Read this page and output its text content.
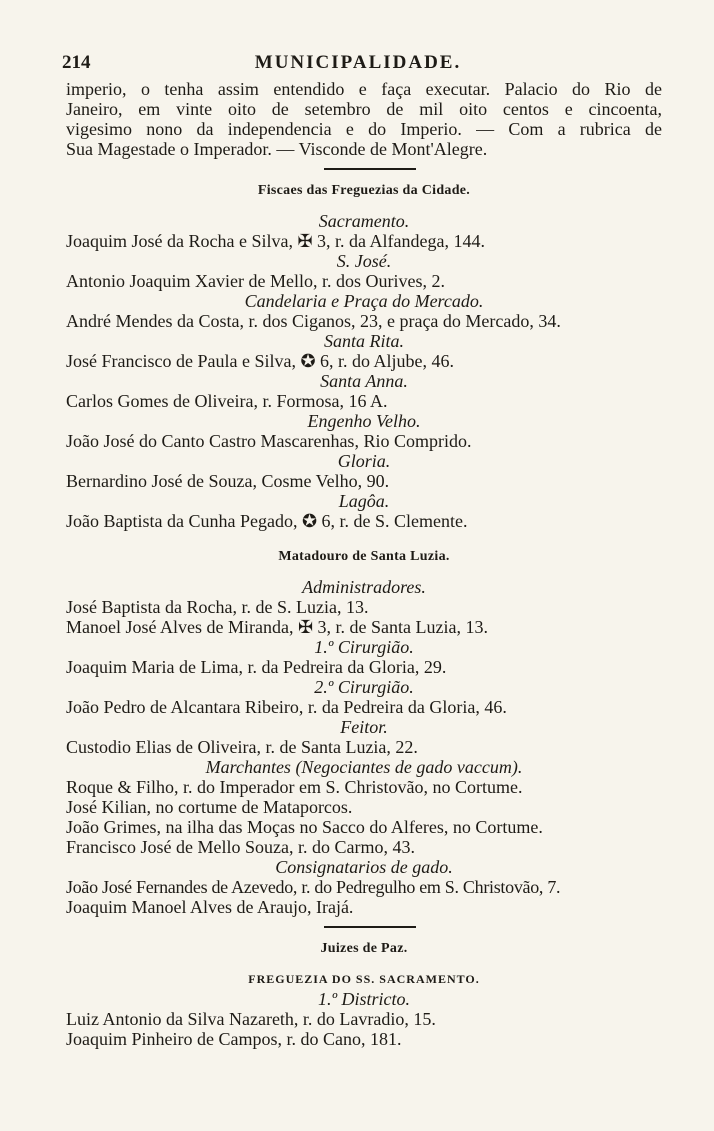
214	MUNICIPALIDADE.
imperio, o tenha assim entendido e faça executar. Palacio do Rio de
Janeiro, em vinte oito de setembro de mil oito centos e cincoenta,
vigesimo nono da independencia e do Imperio. — Com a rubrica de
Sua Magestade o Imperador. — Visconde de Mont'Alegre.
Fiscaes das Freguezias da Cidade.
Sacramento.
Joaquim José da Rocha e Silva, ✠ 3, r. da Alfandega, 144.
S. José.
Antonio Joaquim Xavier de Mello, r. dos Ourives, 2.
Candelaria e Praça do Mercado.
André Mendes da Costa, r. dos Ciganos, 23, e praça do Mercado, 34.
Santa Rita.
José Francisco de Paula e Silva, ✪ 6, r. do Aljube, 46.
Santa Anna.
Carlos Gomes de Oliveira, r. Formosa, 16 A.
Engenho Velho.
João José do Canto Castro Mascarenhas, Rio Comprido.
Gloria.
Bernardino José de Souza, Cosme Velho, 90.
Lagôa.
João Baptista da Cunha Pegado, ✪ 6, r. de S. Clemente.
Matadouro de Santa Luzia.
Administradores.
José Baptista da Rocha, r. de S. Luzia, 13.
Manoel José Alves de Miranda, ✠ 3, r. de Santa Luzia, 13.
1.º Cirurgião.
Joaquim Maria de Lima, r. da Pedreira da Gloria, 29.
2.º Cirurgião.
João Pedro de Alcantara Ribeiro, r. da Pedreira da Gloria, 46.
Feitor.
Custodio Elias de Oliveira, r. de Santa Luzia, 22.
Marchantes (Negociantes de gado vaccum).
Roque & Filho, r. do Imperador em S. Christovão, no Cortume.
José Kilian, no cortume de Mataporcos.
João Grimes, na ilha das Moças no Sacco do Alferes, no Cortume.
Francisco José de Mello Souza, r. do Carmo, 43.
Consignatarios de gado.
João José Fernandes de Azevedo, r. do Pedregulho em S. Christovão, 7.
Joaquim Manoel Alves de Araujo, Irajá.
Juizes de Paz.
FREGUEZIA DO SS. SACRAMENTO.
1.º Districto.
Luiz Antonio da Silva Nazareth, r. do Lavradio, 15.
Joaquim Pinheiro de Campos, r. do Cano, 181.
